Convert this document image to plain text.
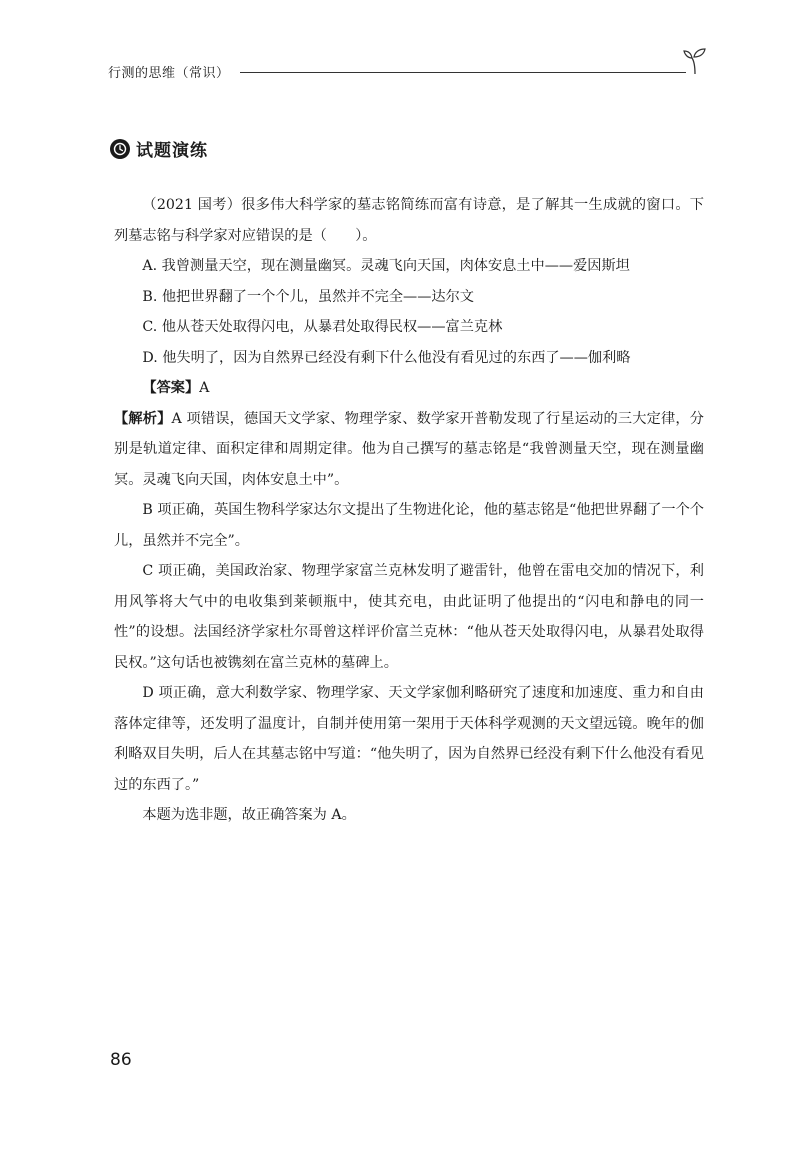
行测的思维（常识）
试题演练

（2021 国考）很多伟大科学家的墓志铭简练而富有诗意，是了解其一生成就的窗口。下列墓志铭与科学家对应错误的是（　　）。

A. 我曾测量天空，现在测量幽冥。灵魂飞向天国，肉体安息土中——爱因斯坦

B. 他把世界翻了一个个儿，虽然并不完全——达尔文

C. 他从苍天处取得闪电，从暴君处取得民权——富兰克林

D. 他失明了，因为自然界已经没有剩下什么他没有看见过的东西了——伽利略

【答案】A

【解析】A 项错误，德国天文学家、物理学家、数学家开普勒发现了行星运动的三大定律，分别是轨道定律、面积定律和周期定律。他为自己撰写的墓志铭是“我曾测量天空，现在测量幽冥。灵魂飞向天国，肉体安息土中”。

B 项正确，英国生物科学家达尔文提出了生物进化论，他的墓志铭是“他把世界翻了一个个儿，虽然并不完全”。

C 项正确，美国政治家、物理学家富兰克林发明了避雷针，他曾在雷电交加的情况下，利用风筝将大气中的电收集到莱顿瓶中，使其充电，由此证明了他提出的“闪电和静电的同一性”的设想。法国经济学家杜尔哥曾这样评价富兰克林：“他从苍天处取得闪电，从暴君处取得民权。”这句话也被镌刻在富兰克林的墓碑上。

D 项正确，意大利数学家、物理学家、天文学家伽利略研究了速度和加速度、重力和自由落体定律等，还发明了温度计，自制并使用第一架用于天体科学观测的天文望远镜。晚年的伽利略双目失明，后人在其墓志铭中写道：“他失明了，因为自然界已经没有剩下什么他没有看见过的东西了。”

本题为选非题，故正确答案为 A。

86
